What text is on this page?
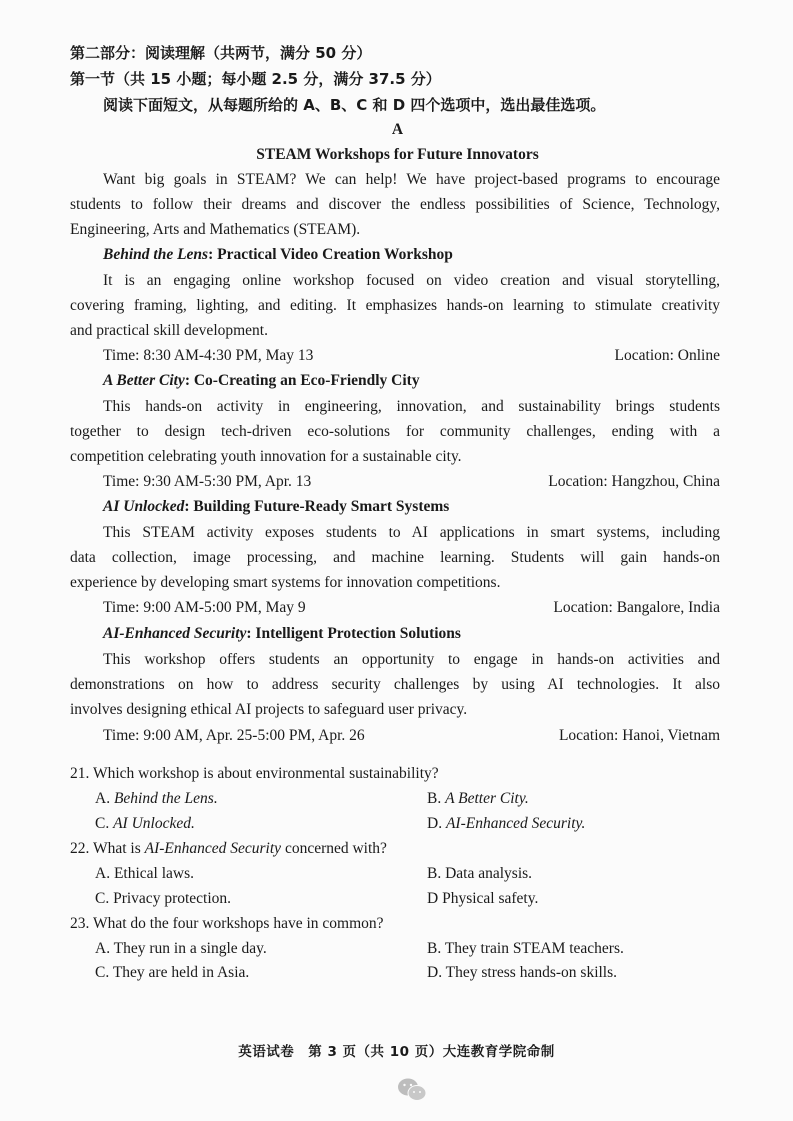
第二部分：阅读理解（共两节，满分 50 分）
第一节（共 15 小题；每小题 2.5 分，满分 37.5 分）
阅读下面短文，从每题所给的 A、B、C 和 D 四个选项中，选出最佳选项。
A
STEAM Workshops for Future Innovators
Want big goals in STEAM? We can help! We have project-based programs to encourage
students to follow their dreams and discover the endless possibilities of Science, Technology,
Engineering, Arts and Mathematics (STEAM).
Behind the Lens: Practical Video Creation Workshop
It is an engaging online workshop focused on video creation and visual storytelling,
covering framing, lighting, and editing. It emphasizes hands-on learning to stimulate creativity
and practical skill development.
Time: 8:30 AM-4:30 PM, May 13	Location: Online
A Better City: Co-Creating an Eco-Friendly City
This hands-on activity in engineering, innovation, and sustainability brings students
together to design tech-driven eco-solutions for community challenges, ending with a
competition celebrating youth innovation for a sustainable city.
Time: 9:30 AM-5:30 PM, Apr. 13	Location: Hangzhou, China
AI Unlocked: Building Future-Ready Smart Systems
This STEAM activity exposes students to AI applications in smart systems, including
data collection, image processing, and machine learning. Students will gain hands-on
experience by developing smart systems for innovation competitions.
Time: 9:00 AM-5:00 PM, May 9	Location: Bangalore, India
AI-Enhanced Security: Intelligent Protection Solutions
This workshop offers students an opportunity to engage in hands-on activities and
demonstrations on how to address security challenges by using AI technologies. It also
involves designing ethical AI projects to safeguard user privacy.
Time: 9:00 AM, Apr. 25-5:00 PM, Apr. 26	Location: Hanoi, Vietnam
21. Which workshop is about environmental sustainability?
A. Behind the Lens.	B. A Better City.
C. AI Unlocked.	D. AI-Enhanced Security.
22. What is AI-Enhanced Security concerned with?
A. Ethical laws.	B. Data analysis.
C. Privacy protection.	D Physical safety.
23. What do the four workshops have in common?
A. They run in a single day.	B. They train STEAM teachers.
C. They are held in Asia.	D. They stress hands-on skills.
英语试卷　第 3 页（共 10 页）大连教育学院命制
